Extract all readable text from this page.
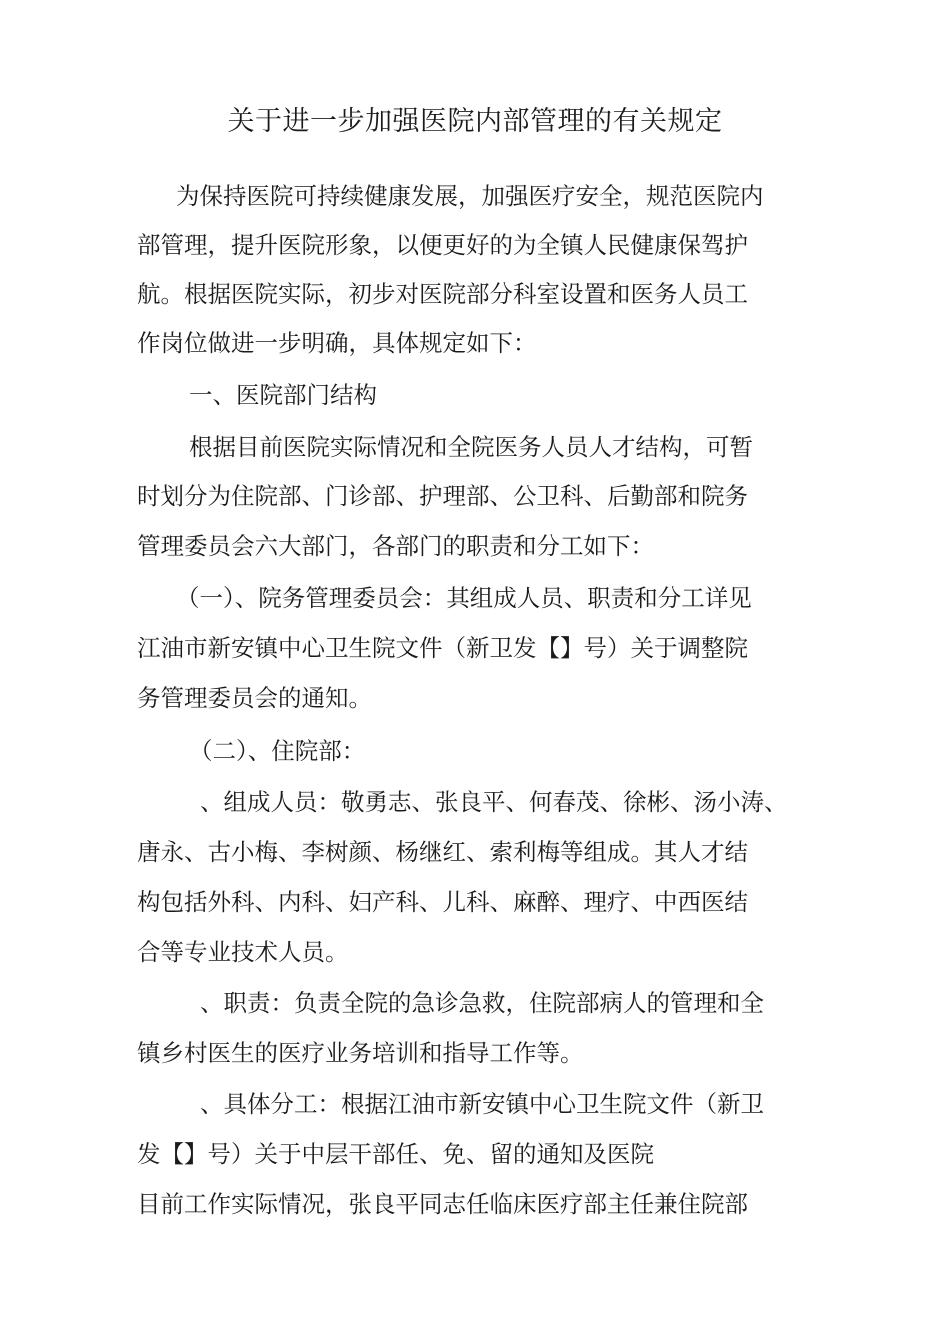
关于进一步加强医院内部管理的有关规定
为保持医院可持续健康发展，加强医疗安全，规范医院内
部管理，提升医院形象，以便更好的为全镇人民健康保驾护
航。根据医院实际，初步对医院部分科室设置和医务人员工
作岗位做进一步明确，具体规定如下：
一、医院部门结构
根据目前医院实际情况和全院医务人员人才结构，可暂
时划分为住院部、门诊部、护理部、公卫科、后勤部和院务
管理委员会六大部门，各部门的职责和分工如下：
（一）、院务管理委员会：其组成人员、职责和分工详见
江油市新安镇中心卫生院文件（新卫发【】号）关于调整院
务管理委员会的通知。
（二）、住院部：
、组成人员：敬勇志、张良平、何春茂、徐彬、汤小涛、
唐永、古小梅、李树颜、杨继红、索利梅等组成。其人才结
构包括外科、内科、妇产科、儿科、麻醉、理疗、中西医结
合等专业技术人员。
、职责：负责全院的急诊急救，住院部病人的管理和全
镇乡村医生的医疗业务培训和指导工作等。
、具体分工：根据江油市新安镇中心卫生院文件（新卫
发【】号）关于中层干部任、免、留的通知及医院
目前工作实际情况，张良平同志任临床医疗部主任兼住院部
